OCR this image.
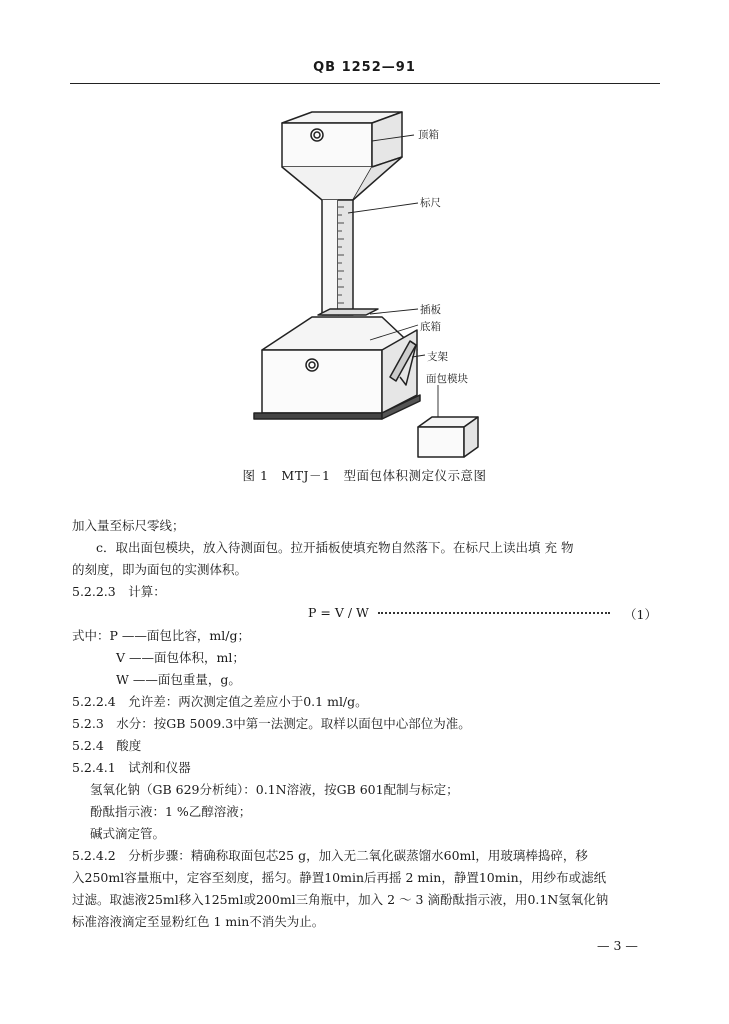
QB 1252—91
顶箱
标尺
插板
底箱
支架
面包模块
图 1　MTJ－1　型面包体积测定仪示意图
加入量至标尺零线；
c．取出面包模块，放入待测面包。拉开插板使填充物自然落下。在标尺上读出填 充 物
的刻度，即为面包的实测体积。
5.2.2.3　计算：
P = V / W	（1）
式中：P ——面包比容，ml/g；
V ——面包体积，ml；
W ——面包重量，g。
5.2.2.4　允许差：两次测定值之差应小于0.1 ml/g。
5.2.3　水分：按GB 5009.3中第一法测定。取样以面包中心部位为准。
5.2.4　酸度
5.2.4.1　试剂和仪器
氢氧化钠（GB 629分析纯）：0.1N溶液，按GB 601配制与标定；
酚酞指示液：1 %乙醇溶液；
碱式滴定管。
5.2.4.2　分析步骤：精确称取面包芯25 g，加入无二氧化碳蒸馏水60ml，用玻璃棒捣碎，移
入250ml容量瓶中，定容至刻度，摇匀。静置10min后再摇 2 min，静置10min，用纱布或滤纸
过滤。取滤液25ml移入125ml或200ml三角瓶中，加入 2 ～ 3 滴酚酞指示液，用0.1N氢氧化钠
标准溶液滴定至显粉红色 1 min不消失为止。
— 3 —
